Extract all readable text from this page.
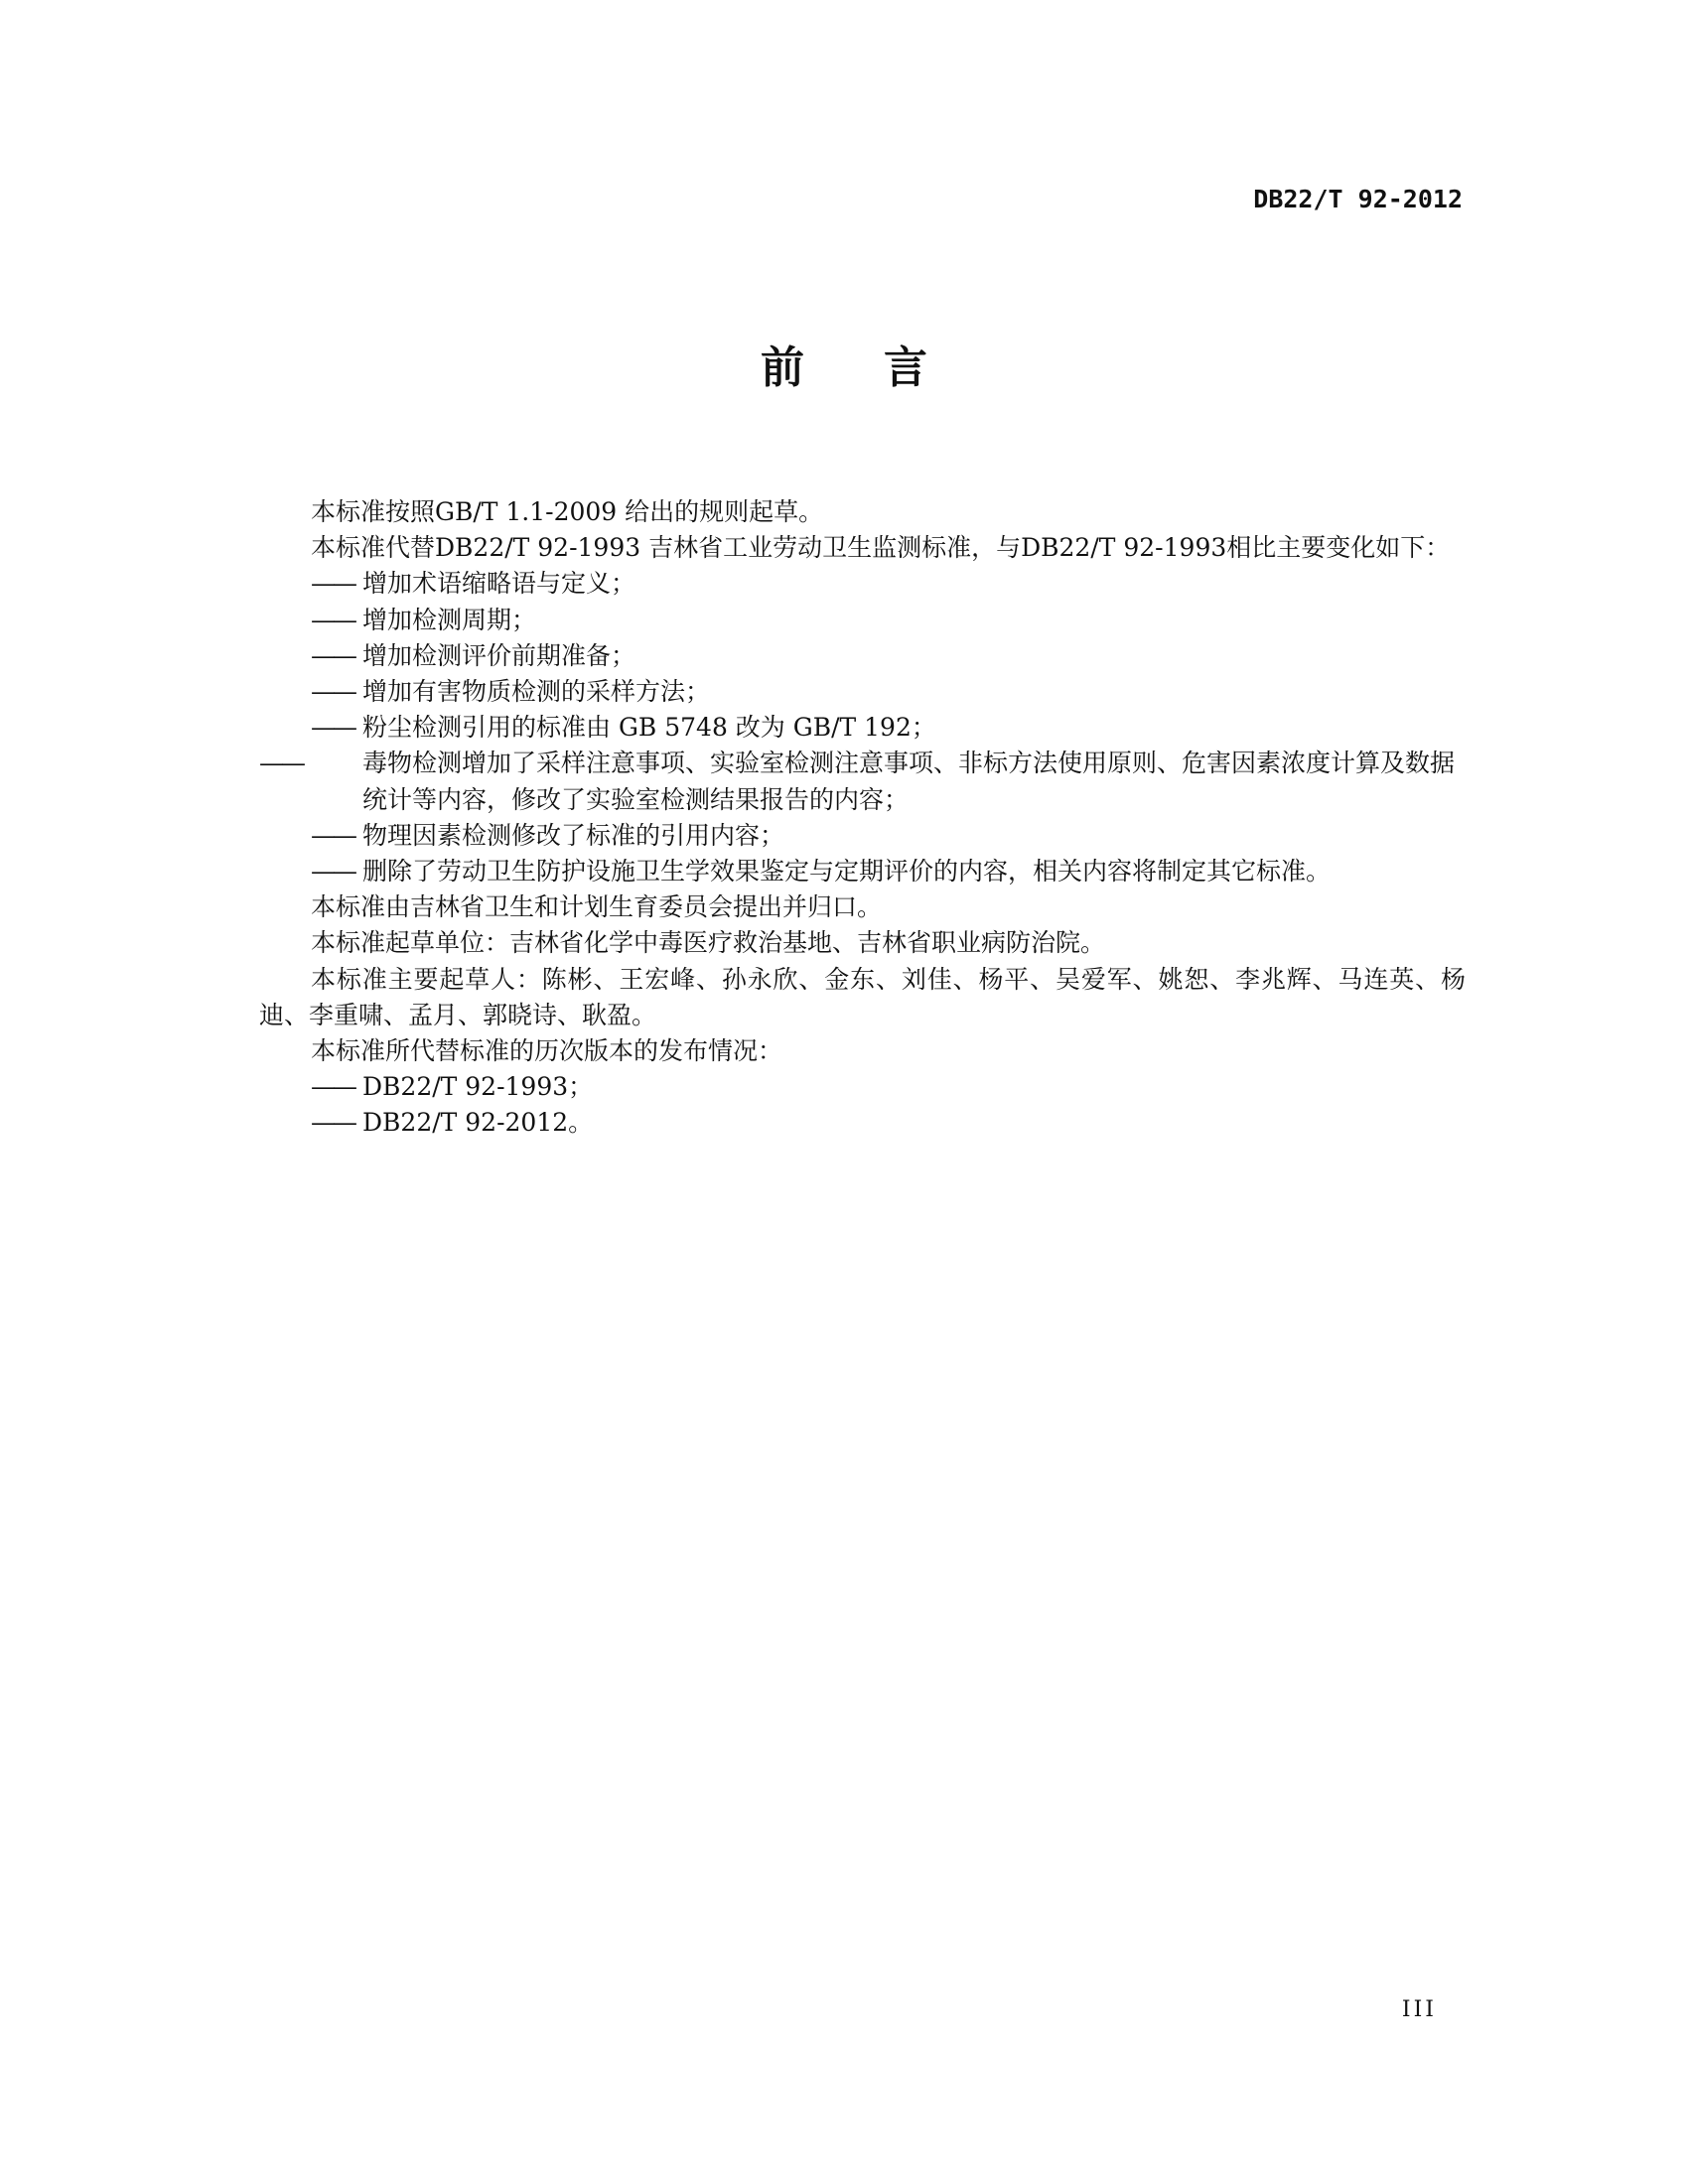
DB22/T 92-2012
前 言

本标准按照GB/T 1.1-2009 给出的规则起草。

本标准代替DB22/T 92-1993 吉林省工业劳动卫生监测标准，与DB22/T 92-1993相比主要变化如下：

—— 增加术语缩略语与定义；

—— 增加检测周期；

—— 增加检测评价前期准备；

—— 增加有害物质检测的采样方法；

—— 粉尘检测引用的标准由 GB 5748 改为 GB/T 192；

—— 毒物检测增加了采样注意事项、实验室检测注意事项、非标方法使用原则、危害因素浓度计算及数据统计等内容，修改了实验室检测结果报告的内容；

—— 物理因素检测修改了标准的引用内容；

—— 删除了劳动卫生防护设施卫生学效果鉴定与定期评价的内容，相关内容将制定其它标准。

本标准由吉林省卫生和计划生育委员会提出并归口。

本标准起草单位：吉林省化学中毒医疗救治基地、吉林省职业病防治院。

本标准主要起草人：陈彬、王宏峰、孙永欣、金东、刘佳、杨平、吴爱军、姚恕、李兆辉、马连英、杨迪、李重啸、孟月、郭晓诗、耿盈。

本标准所代替标准的历次版本的发布情况：

—— DB22/T 92-1993；

—— DB22/T 92-2012。

III
